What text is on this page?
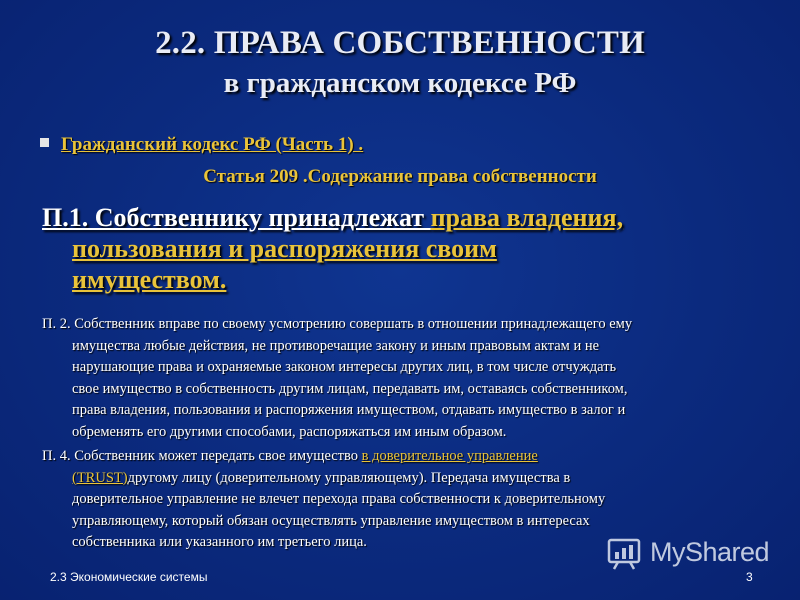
2.2. ПРАВА СОБСТВЕННОСТИ
в гражданском кодексе РФ
Гражданский кодекс РФ (Часть 1) .
Статья 209 .Содержание права собственности
П.1. Собственнику принадлежат права владения,
пользования и распоряжения своим
имуществом.
П. 2. Собственник вправе по своему усмотрению совершать в отношении принадлежащего ему
имущества любые действия, не противоречащие закону и иным правовым актам и не
нарушающие права и охраняемые законом интересы других лиц, в том числе отчуждать
свое имущество в собственность другим лицам, передавать им, оставаясь собственником,
права владения, пользования и распоряжения имуществом, отдавать имущество в залог и
обременять его другими способами, распоряжаться им иным образом.
П. 4. Собственник может передать свое имущество в доверительное управление
(TRUST)другому лицу (доверительному управляющему). Передача имущества в
доверительное управление не влечет перехода права собственности к доверительному
управляющему, который обязан осуществлять управление имуществом в интересах
собственника или указанного им третьего лица.	MyShared
2.3 Экономические системы	3
